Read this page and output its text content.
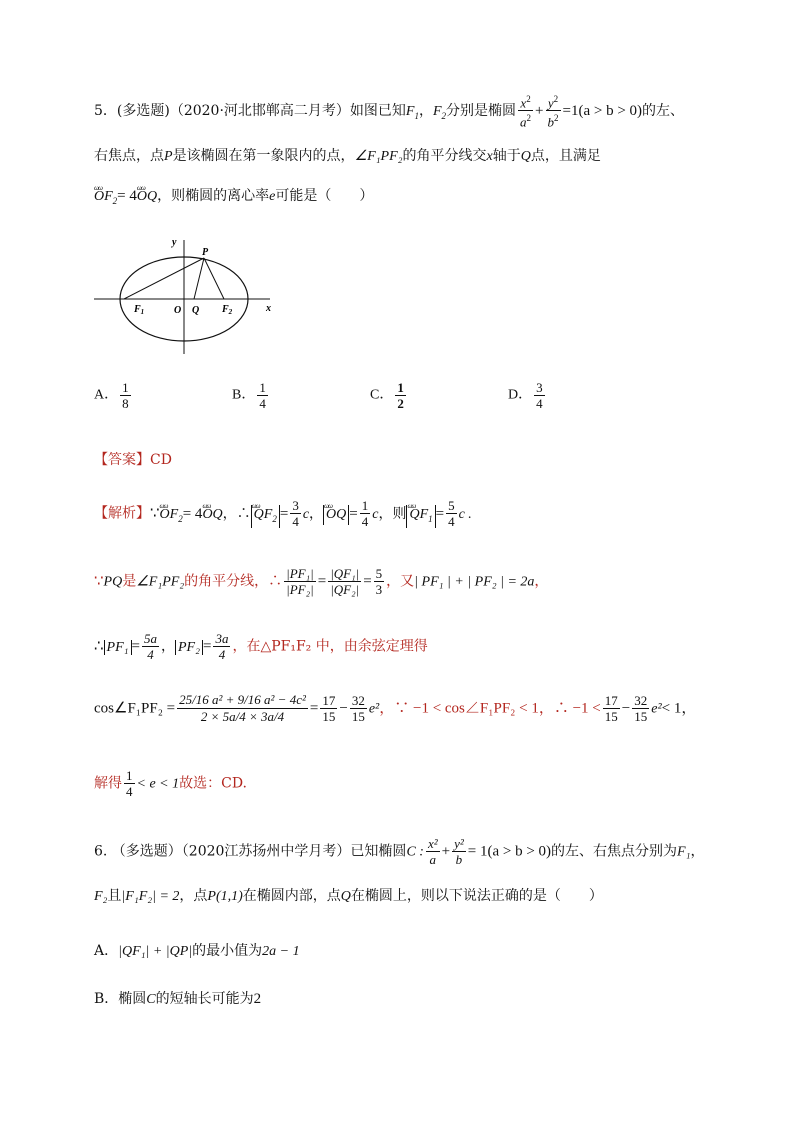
5．(多选题)（2020·河北邯郸高二月考）如图已知$F_1$，$F_2$分别是椭圆 $\frac{x^2}{a^2} + \frac{y^2}{b^2} =1(a > b > 0)$的左、
右焦点，点P是该椭圆在第一象限内的点，∠F₁PF₂的角平分线交x轴于Q点，且满足
ωω $OF_2= 4\omega\omega$ OQ，则椭圆的离心率e可能是（　　）
y
x
P
O Q
$F_1$	$F_2$
A． $\frac{1}{8}$	B． $\frac{1}{4}$	C． $\frac{1}{2}$	D． $\frac{3}{4}$
【答案】CD
【解析】∵ωω $OF_2= 4\omega\omega$ OQ，∴ ωω $QF_2 = \frac{3}{4}$ c， ωω OQ = $\frac{1}{4}$ c，则 ωω $QF_1 = \frac{5}{4}$ c .
∵PQ是∠F₁PF₂的角平分线，∴ $\frac{\text{|PF₁|}}{\text{|PF₂|}} = \frac{\text{|QF₁|}}{\text{|QF₂|}} = \frac{5}{3}$ ，又| PF₁ | + | PF₂ | = 2a，
∴ $PF_1 = \frac{5a}{4}$ ， $PF_2 = \frac{3a}{4}$ ，在△PF₁F₂ 中，由余弦定理得
cos∠F₁PF₂ = $\frac{\text{25/16 a² + 9/16 a² − 4c²}}{2 \times 5a/4 \times 3a/4} = \frac{17}{15} - \frac{32}{15} e^2$，∵ −1 < cos∠F₁PF₂ < 1，∴ $-1 < \frac{17}{15} - \frac{32}{15} e^2< 1$，
解得 $\frac{1}{4} < e < 1$故选：CD.
6. （多选题）（2020江苏扬州中学月考）已知椭圆C : $\frac{\text{x²}}{a} + \frac{\text{y²}}{b} = 1(a > b > 0)$的左、右焦点分别为F₁，
F₂且|F₁F₂| = 2，点P(1,1)在椭圆内部，点Q在椭圆上，则以下说法正确的是（　　）
A．|QF₁| + |QP|的最小值为2a − 1
B．椭圆C的短轴长可能为2
